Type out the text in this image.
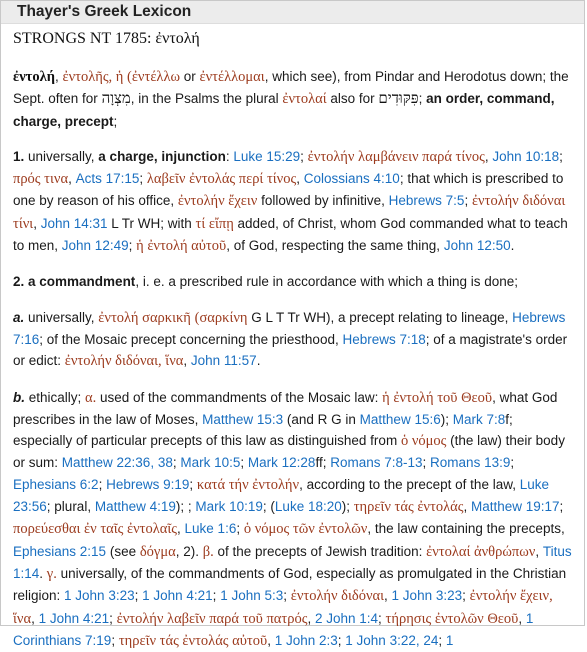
Thayer's Greek Lexicon
STRONGS NT 1785: ἐντολή

ἐντολή, ἐντολῆς, ἡ (ἐντέλλω or ἐντέλλομαι, which see), from Pindar and Herodotus down; the Sept. often for מִצְוָה, in the Psalms the plural ἐντολαί also for פִּקּוּדִים; an order, command, charge, precept;

1. universally, a charge, injunction: Luke 15:29; ἐντολήν λαμβάνειν παρά τίνος, John 10:18; πρός τινα, Acts 17:15; λαβεῖν ἐντολάς περί τίνος, Colossians 4:10; that which is prescribed to one by reason of his office, ἐντολήν ἔχειν followed by infinitive, Hebrews 7:5; ἐντολήν διδόναι τίνι, John 14:31 L Tr WH; with τί εἴπῃ added, of Christ, whom God commanded what to teach to men, John 12:49; ἡ ἐντολή αὐτοῦ, of God, respecting the same thing, John 12:50.

2. a commandment, i. e. a prescribed rule in accordance with which a thing is done;

a. universally, ἐντολή σαρκικῆ (σαρκίνη G L T Tr WH), a precept relating to lineage, Hebrews 7:16; of the Mosaic precept concerning the priesthood, Hebrews 7:18; of a magistrate's order or edict: ἐντολήν διδόναι, ἵνα, John 11:57.

b. ethically; α. used of the commandments of the Mosaic law: ἡ ἐντολή τοῦ Θεοῦ, what God prescribes in the law of Moses, Matthew 15:3 (and R G in Matthew 15:6); Mark 7:8f; especially of particular precepts of this law as distinguished from ὁ νόμος (the law) their body or sum: Matthew 22:36, 38; Mark 10:5; Mark 12:28ff; Romans 7:8-13; Romans 13:9; Ephesians 6:2; Hebrews 9:19; κατά τήν ἐντολήν, according to the precept of the law, Luke 23:56; plural, Matthew 4:19); ; Mark 10:19; (Luke 18:20); τηρεῖν τάς ἐντολάς, Matthew 19:17; πορεύεσθαι ἐν ταῖς ἐντολαῖς, Luke 1:6; ὁ νόμος τῶν ἐντολῶν, the law containing the precepts, Ephesians 2:15 (see δόγμα, 2). β. of the precepts of Jewish tradition: ἐντολαί ἀνθρώπων, Titus 1:14. γ. universally, of the commandments of God, especially as promulgated in the Christian religion: 1 John 3:23; 1 John 4:21; 1 John 5:3; ἐντολήν διδόναι, 1 John 3:23; ἐντολήν ἔχειν, ἵνα, 1 John 4:21; ἐντολήν λαβεῖν παρά τοῦ πατρός, 2 John 1:4; τήρησις ἐντολῶν Θεοῦ, 1 Corinthians 7:19; τηρεῖν τάς ἐντολάς αὐτοῦ, 1 John 2:3; 1 John 3:22, 24; 1
